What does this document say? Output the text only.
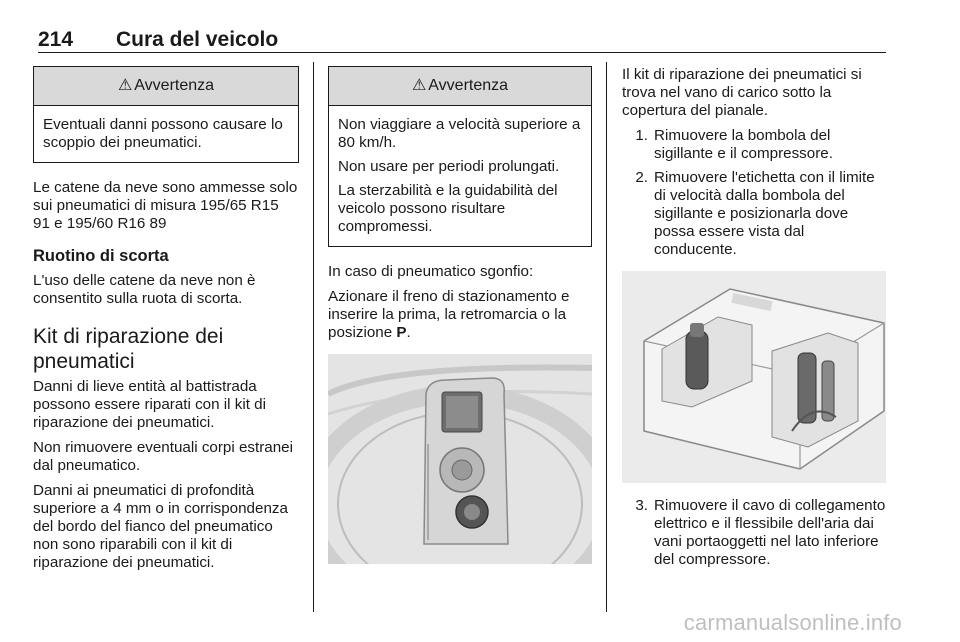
214 Cura del veicolo
⚠ Avvertenza

Eventuali danni possono causare lo scoppio dei pneumatici.

Le catene da neve sono ammesse solo sui pneumatici di misura 195/65 R15 91 e 195/60 R16 89

Ruotino di scorta

L'uso delle catene da neve non è consentito sulla ruota di scorta.

Kit di riparazione dei pneumatici

Danni di lieve entità al battistrada possono essere riparati con il kit di riparazione dei pneumatici.

Non rimuovere eventuali corpi estranei dal pneumatico.

Danni ai pneumatici di profondità superiore a 4 mm o in corrispondenza del bordo del fianco del pneumatico non sono riparabili con il kit di riparazione dei pneumatici.

⚠ Avvertenza

Non viaggiare a velocità superiore a 80 km/h.

Non usare per periodi prolungati.

La sterzabilità e la guidabilità del veicolo possono risultare compromessi.

In caso di pneumatico sgonfio:

Azionare il freno di stazionamento e inserire la prima, la retromarcia o la posizione P.

Il kit di riparazione dei pneumatici si trova nel vano di carico sotto la copertura del pianale.

1. Rimuovere la bombola del sigillante e il compressore.
2. Rimuovere l'etichetta con il limite di velocità dalla bombola del sigillante e posizionarla dove possa essere vista dal conducente.
3. Rimuovere il cavo di collegamento elettrico e il flessibile dell'aria dai vani portaoggetti nel lato inferiore del compressore.
carmanualsonline.info
